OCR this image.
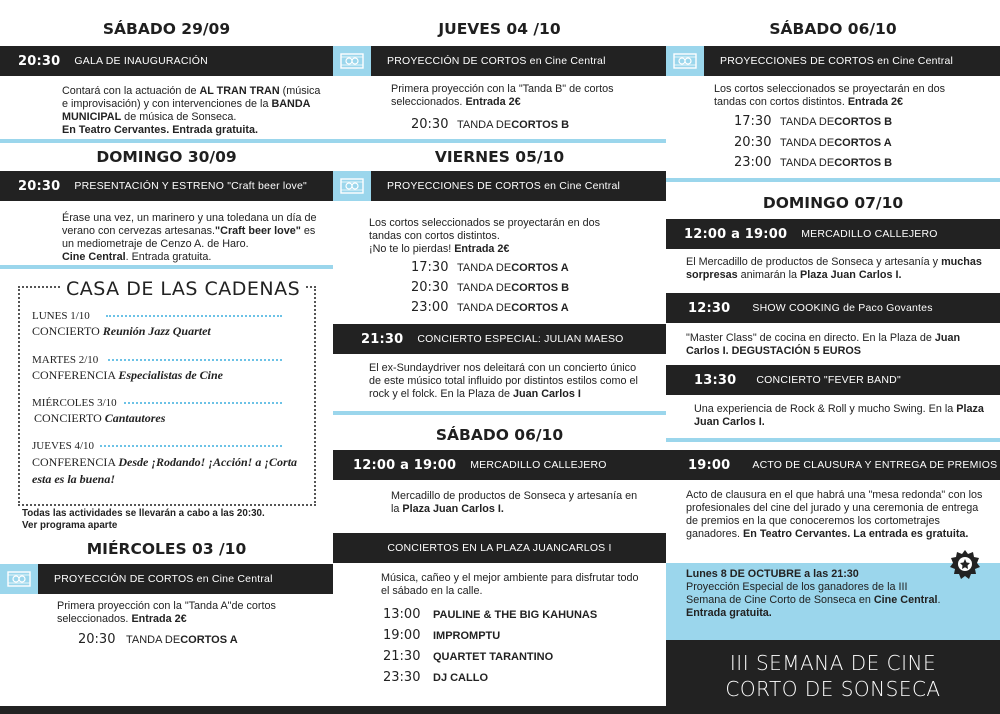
SÁBADO 29/09
20:30 GALA DE INAUGURACIÓN
Contará con la actuación de AL TRAN TRAN (música e improvisación) y con intervenciones de la BANDA MUNICIPAL de música de Sonseca.
En Teatro Cervantes. Entrada gratuita.
DOMINGO 30/09
20:30 PRESENTACIÓN Y ESTRENO "Craft beer love"
Érase una vez, un marinero y una toledana un día de verano con cervezas artesanas."Craft beer love" es un mediometraje de Cenzo A. de Haro.
Cine Central. Entrada gratuita.
CASA DE LAS CADENAS
LUNES 1/10
CONCIERTO Reunión Jazz Quartet
MARTES 2/10
CONFERENCIA Especialistas de Cine
MIÉRCOLES 3/10
CONCIERTO Cantautores
JUEVES 4/10
CONFERENCIA Desde ¡Rodando! ¡Acción! a ¡Corta esta es la buena!
Todas las actividades se llevarán a cabo a las 20:30.
Ver programa aparte
MIÉRCOLES 03 /10
PROYECCIÓN DE CORTOS en Cine Central
Primera proyección con la "Tanda A"de cortos seleccionados. Entrada 2€
20:30 TANDA DE CORTOS A
JUEVES 04 /10
PROYECCIÓN DE CORTOS en Cine Central
Primera proyección con la "Tanda B" de cortos seleccionados. Entrada 2€
20:30 TANDA DE CORTOS B
VIERNES 05/10
PROYECCIONES DE CORTOS en Cine Central
Los cortos seleccionados se proyectarán en dos tandas con cortos distintos.
¡No te lo pierdas! Entrada 2€
17:30 TANDA DE CORTOS A
20:30 TANDA DE CORTOS B
23:00 TANDA DE CORTOS A
21:30 CONCIERTO ESPECIAL: JULIAN MAESO
El ex-Sundaydriver nos deleitará con un concierto único de este músico total influido por distintos estilos como el rock y el folck. En la Plaza de Juan Carlos I
SÁBADO 06/10
12:00 a 19:00 MERCADILLO CALLEJERO
Mercadillo de productos de Sonseca y artesanía en la Plaza Juan Carlos I.
CONCIERTOS EN LA PLAZA JUANCARLOS I
Música, cañeo y el mejor ambiente para disfrutar todo el sábado en la calle.
13:00	PAULINE & THE BIG KAHUNAS
19:00	IMPROMPTU
21:30	QUARTET TARANTINO
23:30	DJ CALLO
SÁBADO 06/10
PROYECCIONES DE CORTOS en Cine Central
Los cortos seleccionados se proyectarán en dos tandas con cortos distintos. Entrada 2€
17:30 TANDA DE CORTOS B
20:30 TANDA DE CORTOS A
23:00 TANDA DE CORTOS B
DOMINGO 07/10
12:00 a 19:00 MERCADILLO CALLEJERO
El Mercadillo de productos de Sonseca y artesanía y muchas sorpresas animarán la Plaza Juan Carlos I.
12:30 SHOW COOKING de Paco Govantes
"Master Class" de cocina en directo. En la Plaza de Juan Carlos I. DEGUSTACIÓN 5 EUROS
13:30 CONCIERTO "FEVER BAND"
Una experiencia de Rock & Roll y mucho Swing. En la Plaza Juan Carlos I.
19:00 ACTO DE CLAUSURA Y ENTREGA DE PREMIOS
Acto de clausura en el que habrá una "mesa redonda" con los profesionales del cine del jurado y una ceremonia de entrega de premios en la que conoceremos los cortometrajes ganadores. En Teatro Cervantes. La entrada es gratuita.
Lunes 8 DE OCTUBRE a las 21:30
Proyección Especial de los ganadores de la III Semana de Cine Corto de Sonseca en Cine Central.
Entrada gratuita.
III SEMANA DE CINE
CORTO DE SONSECA
